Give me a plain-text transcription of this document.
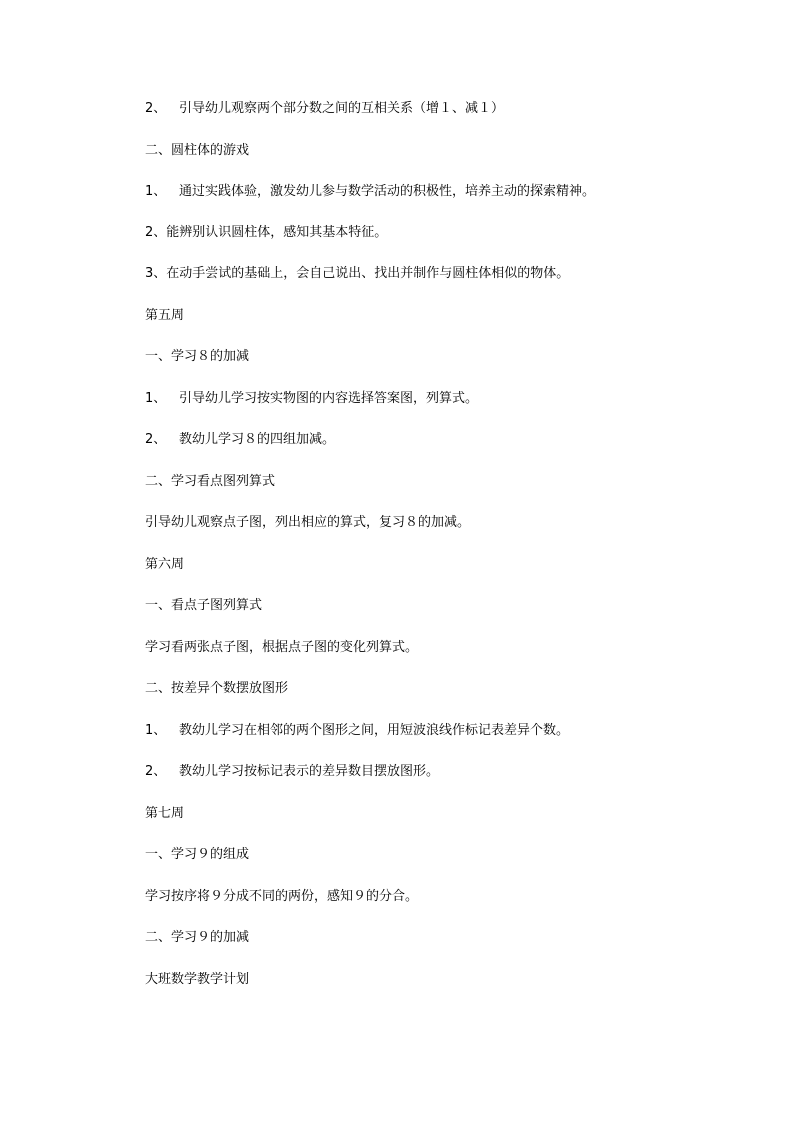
2、 引导幼儿观察两个部分数之间的互相关系（增１、减１）
二、圆柱体的游戏
1、 通过实践体验，激发幼儿参与数学活动的积极性，培养主动的探索精神。
2、能辨别认识圆柱体，感知其基本特征。
3、在动手尝试的基础上，会自己说出、找出并制作与圆柱体相似的物体。
第五周
一、学习８的加减
1、 引导幼儿学习按实物图的内容选择答案图，列算式。
2、 教幼儿学习８的四组加减。
二、学习看点图列算式
引导幼儿观察点子图，列出相应的算式，复习８的加减。
第六周
一、看点子图列算式
学习看两张点子图，根据点子图的变化列算式。
二、按差异个数摆放图形
1、 教幼儿学习在相邻的两个图形之间，用短波浪线作标记表差异个数。
2、 教幼儿学习按标记表示的差异数目摆放图形。
第七周
一、学习９的组成
学习按序将９分成不同的两份，感知９的分合。
二、学习９的加减
大班数学教学计划
